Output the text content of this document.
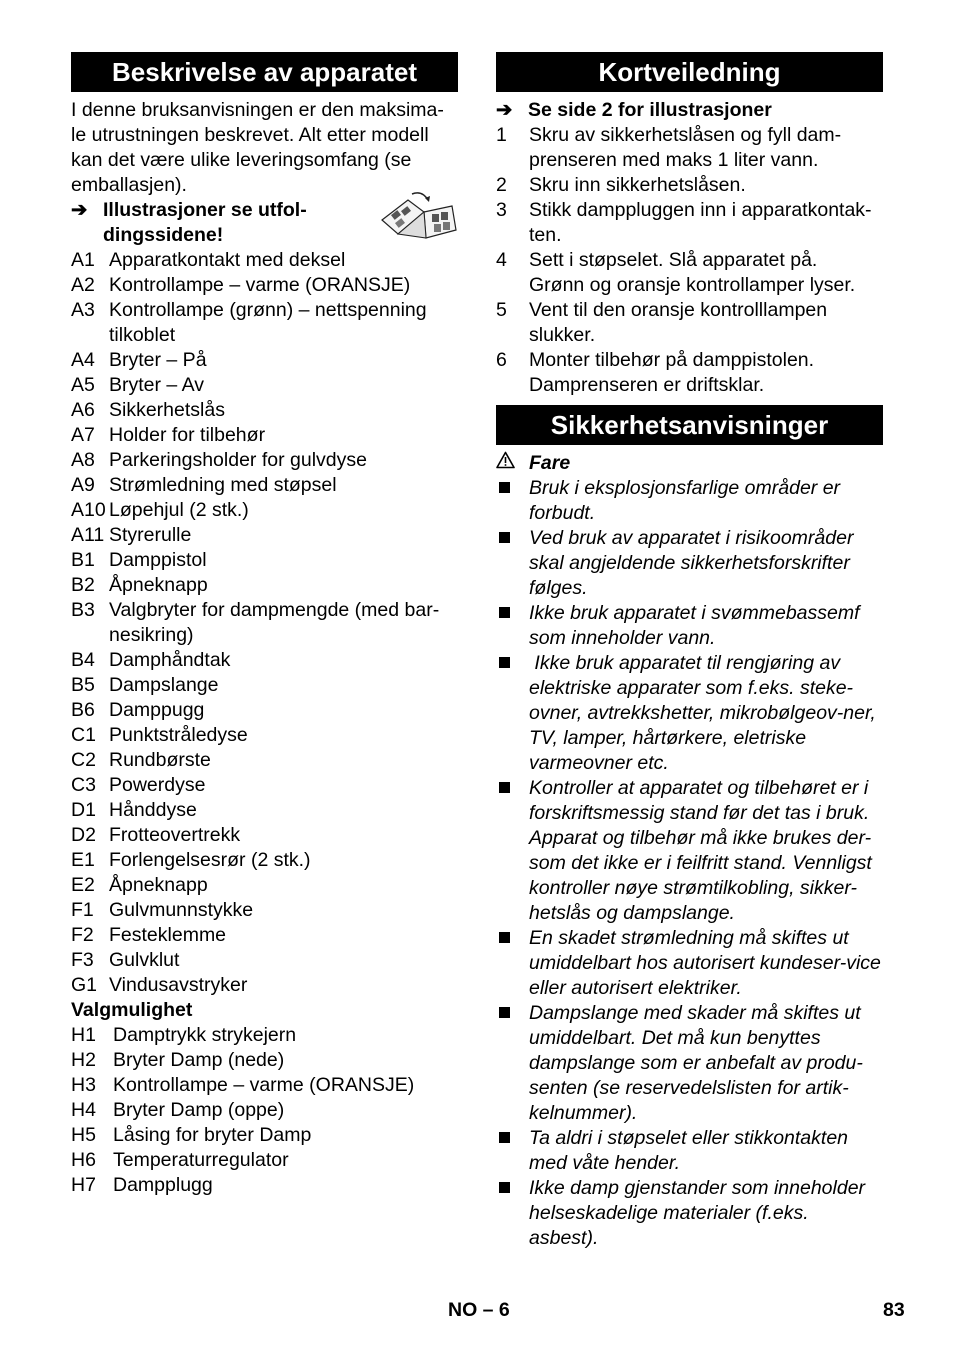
Beskrivelse av apparatet

I denne bruksanvisningen er den maksima-le utrustningen beskrevet. Alt etter modell kan det være ulike leveringsomfang (se emballasjen).

➔ Illustrasjoner se utfol-dingssidene!
A1 Apparatkontakt med deksel
A2 Kontrollampe – varme (ORANSJE)
A3 Kontrollampe (grønn) – nettspenning tilkoblet
A4 Bryter – På
A5 Bryter – Av
A6 Sikkerhetslås
A7 Holder for tilbehør
A8 Parkeringsholder for gulvdyse
A9 Strømledning med støpsel
A10 Løpehjul (2 stk.)
A11 Styrerulle
B1 Damppistol
B2 Åpneknapp
B3 Valgbryter for dampmengde (med bar-nesikring)
B4 Damphåndtak
B5 Dampslange
B6 Damppugg
C1 Punktstråledyse
C2 Rundbørste
C3 Powerdyse
D1 Hånddyse
D2 Frotteovertrekk
E1 Forlengelsesrør (2 stk.)
E2 Åpneknapp
F1 Gulvmunnstykke
F2 Festeklemme
F3 Gulvklut
G1 Vindusavstryker
Valgmulighet
H1 Damptrykk strykejern
H2 Bryter Damp (nede)
H3 Kontrollampe – varme (ORANSJE)
H4 Bryter Damp (oppe)
H5 Låsing for bryter Damp
H6 Temperaturregulator
H7 Dampplugg
Kortveiledning
➔ Se side 2 for illustrasjoner
1	Skru av sikkerhetslåsen og fyll dam-prenseren med maks 1 liter vann.
2	Skru inn sikkerhetslåsen.
3	Stikk damppluggen inn i apparatkontak-ten.
4	Sett i støpselet. Slå apparatet på. Grønn og oransje kontrollamper lyser.
5	Vent til den oransje kontrolllampen slukker.
6	Monter tilbehør på damppistolen. Damprenseren er driftsklar.
Sikkerhetsanvisninger
Fare
Bruk i eksplosjonsfarlige områder er forbudt.
Ved bruk av apparatet i risikoområder skal angjeldende sikkerhetsforskrifter følges.
Ikke bruk apparatet i svømmebassemf som inneholder vann.
Ikke bruk apparatet til rengjøring av elektriske apparater som f.eks. steke-ovner, avtrekkshetter, mikrobølgeov-ner, TV, lamper, hårtørkere, eletriske varmeovner etc.
Kontroller at apparatet og tilbehøret er i forskriftsmessig stand før det tas i bruk. Apparat og tilbehør må ikke brukes der-som det ikke er i feilfritt stand. Vennligst kontroller nøye strømtilkobling, sikker-hetslås og dampslange.
En skadet strømledning må skiftes ut umiddelbart hos autorisert kundeser-vice eller autorisert elektriker.
Dampslange med skader må skiftes ut umiddelbart. Det må kun benyttes dampslange som er anbefalt av produ-senten (se reservedelslisten for artik-kelnummer).
Ta aldri i støpselet eller stikkontakten med våte hender.
Ikke damp gjenstander som inneholder helseskadelige materialer (f.eks. asbest).
NO – 6	83
